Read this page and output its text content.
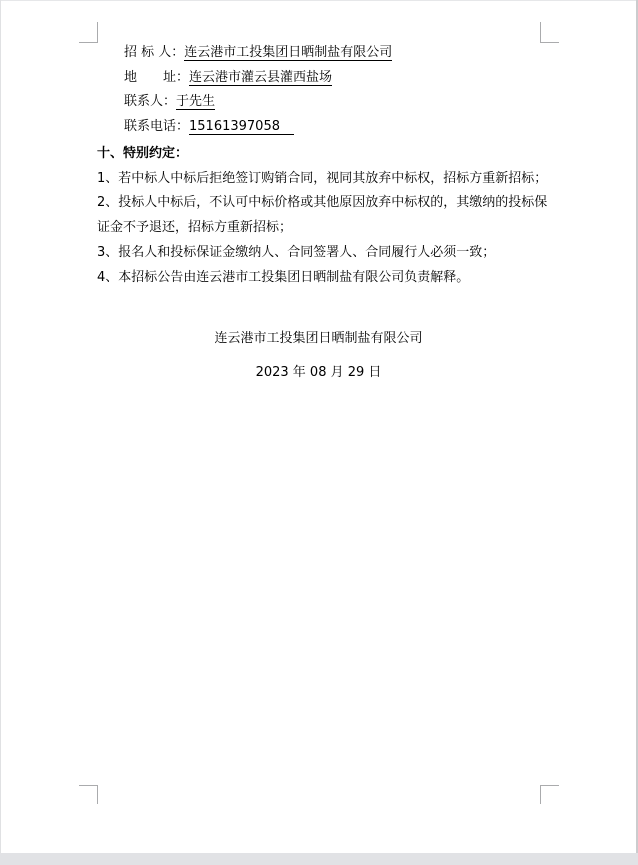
招 标 人：连云港市工投集团日晒制盐有限公司
地　　址：连云港市灌云县灌西盐场
联系人：于先生
联系电话：15161397058
十、特别约定：
1、若中标人中标后拒绝签订购销合同，视同其放弃中标权，招标方重新招标；
2、投标人中标后，不认可中标价格或其他原因放弃中标权的，其缴纳的投标保
证金不予退还，招标方重新招标；
3、报名人和投标保证金缴纳人、合同签署人、合同履行人必须一致；
4、本招标公告由连云港市工投集团日晒制盐有限公司负责解释。
连云港市工投集团日晒制盐有限公司
2023 年 08 月 29 日
